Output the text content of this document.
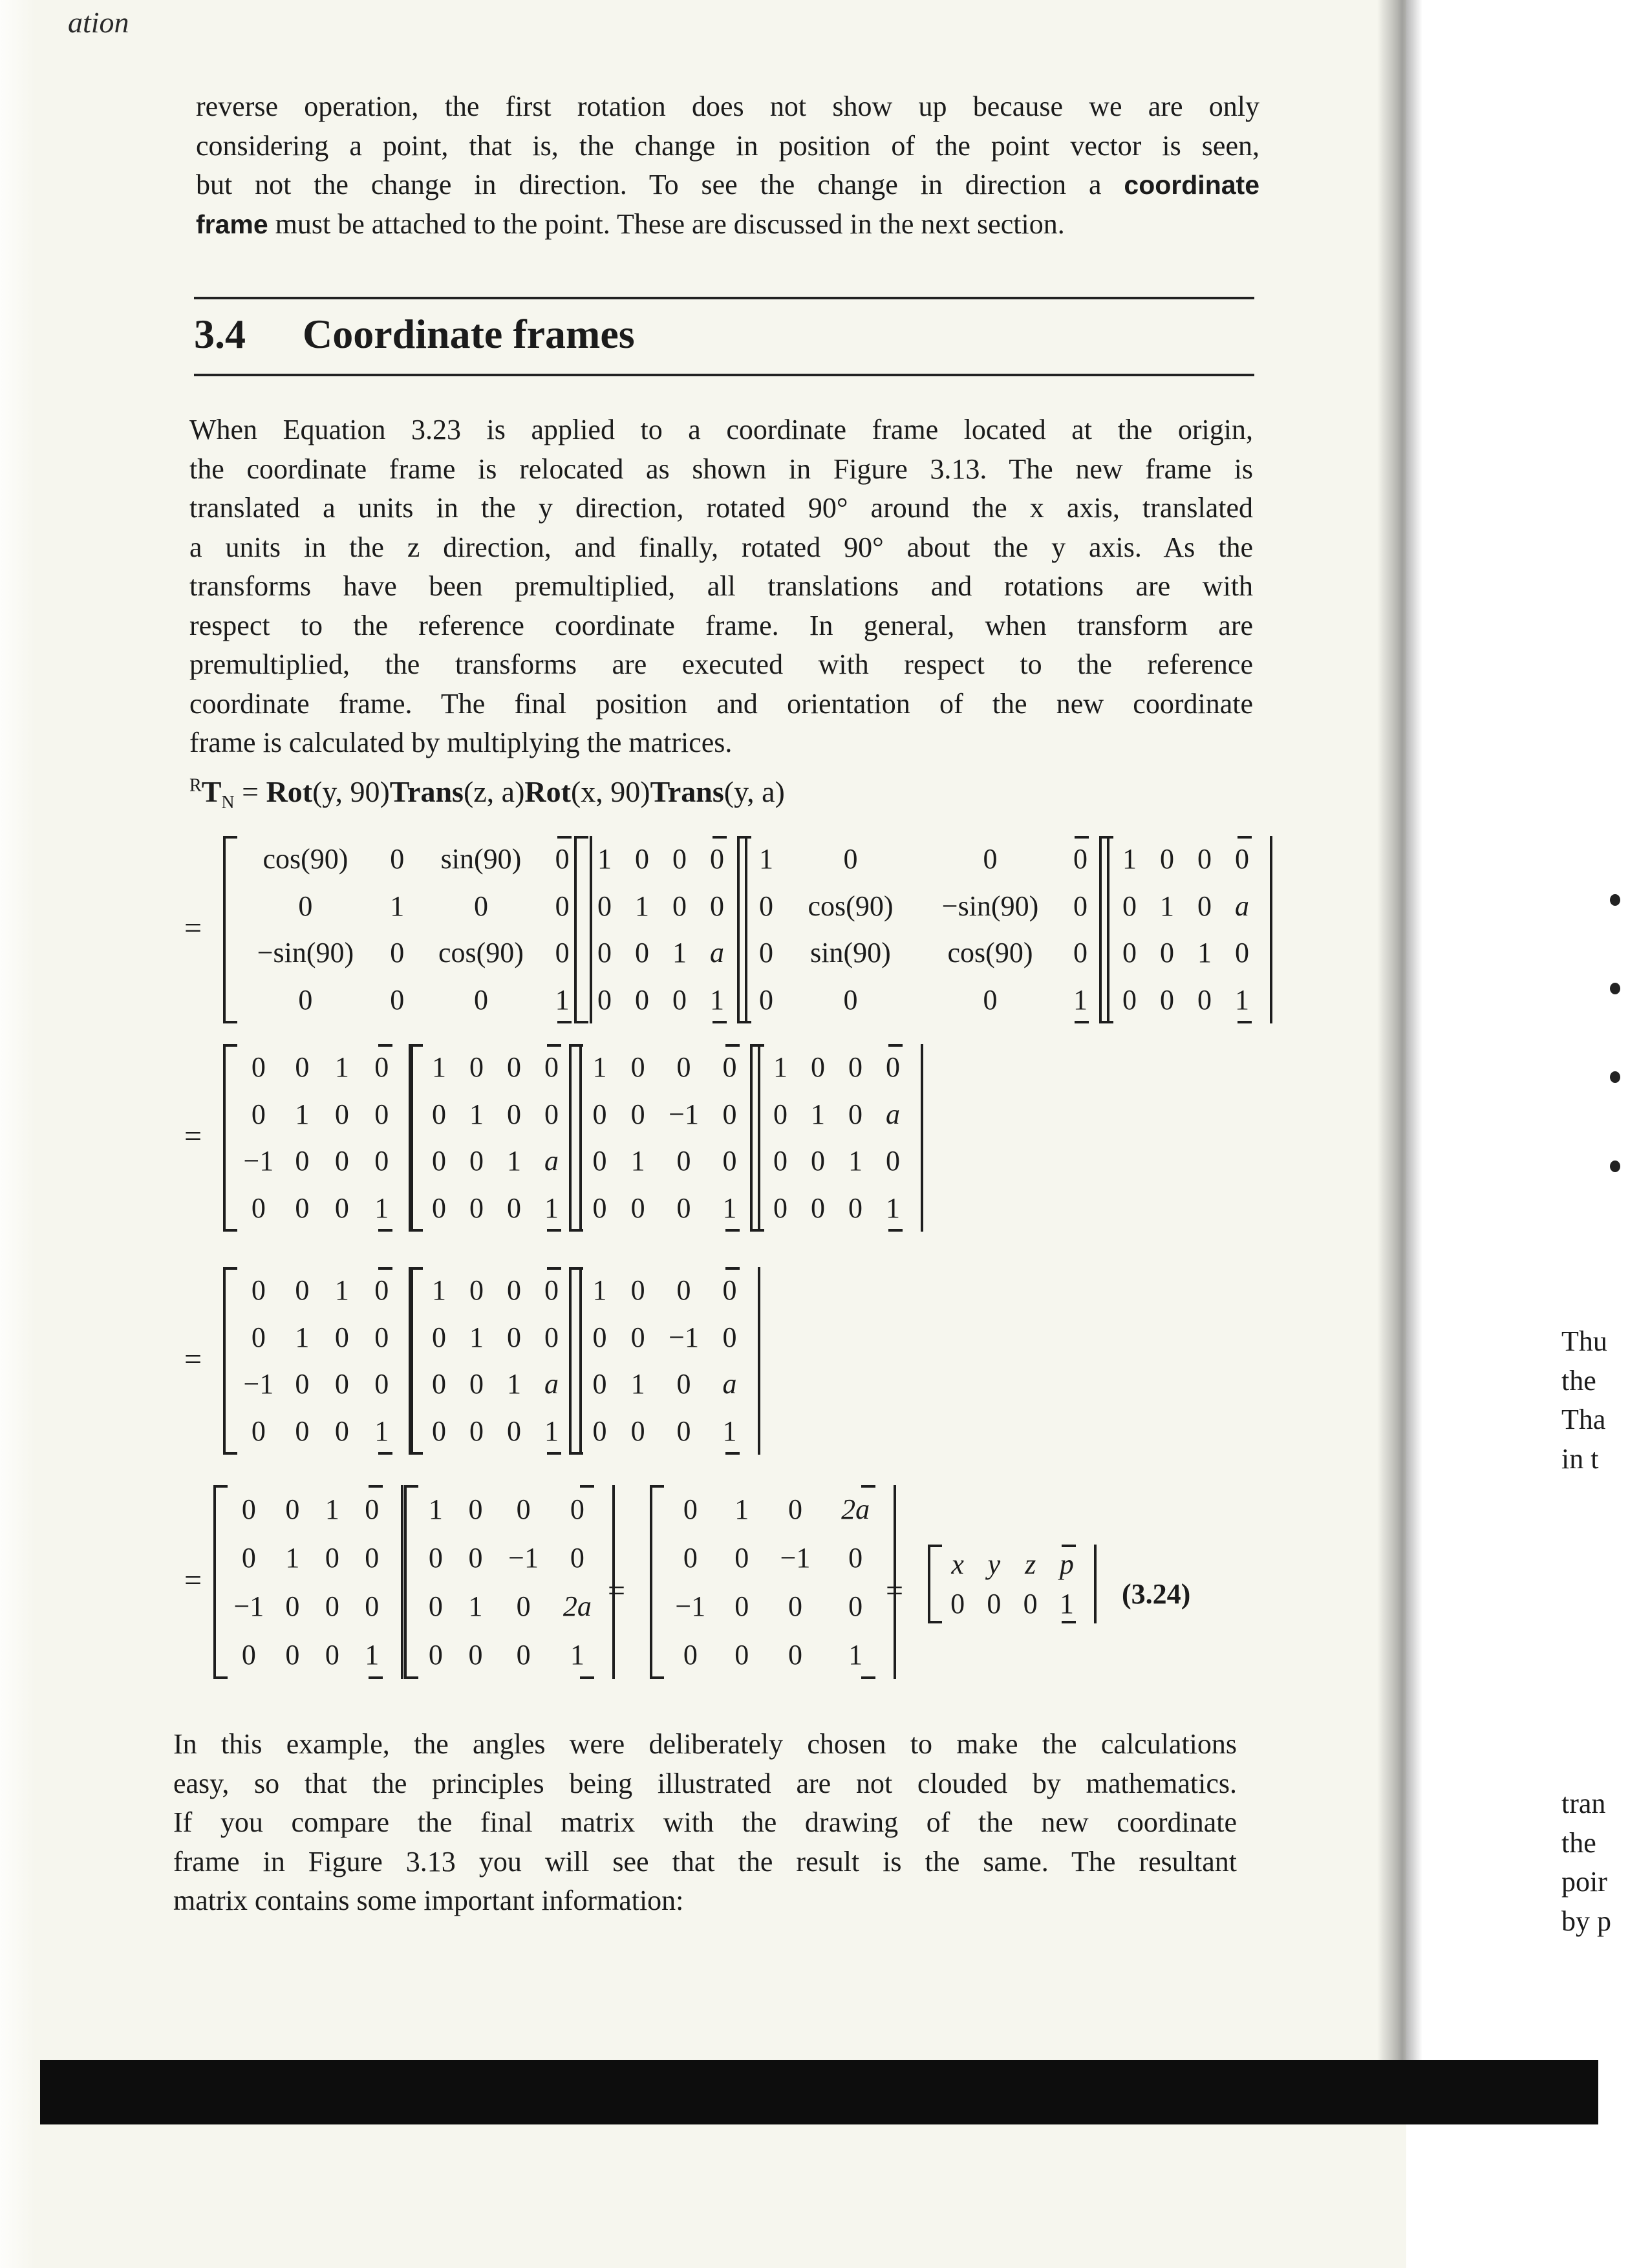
ation

reverse operation, the first rotation does not show up because we are only
considering a point, that is, the change in position of the point vector is seen,
but not the change in direction. To see the change in direction a coordinate

frame must be attached to the point. These are discussed in the next section.

3.4 Coordinate frames

When Equation 3.23 is applied to a coordinate frame located at the origin,
the coordinate frame is relocated as shown in Figure 3.13. The new frame is
translated a units in the y direction, rotated 90° around the x axis, translated
a units in the z direction, and finally, rotated 90° about the y axis. As the
transforms have been premultiplied, all translations and rotations are with
respect to the reference coordinate frame. In general, when transform are
premultiplied, the transforms are executed with respect to the reference
coordinate frame. The final position and orientation of the new coordinate

frame is calculated by multiplying the matrices.

$^RT_N = Rot(y$, 90)Trans(z, a)Rot(x, 90)Trans(y, a)
=
cos(90)	0	sin(90)	0
0	1	0	0
−sin(90)	0	cos(90)	0
0	0	0	1
1 0 0 0
0 1 0 0
0 0 1 a
0 0 0 1
1	0	0	0
0	cos(90)	−sin(90)	0
0	sin(90)	cos(90)	0
0	0	0	1
1 0 0 0
0 1 0 a
0 0 1 0
0 0 0 1
=
0	0 1 0
0	1 0 0
−1 0 0 0
0	0 0 1
1 0 0 0
0 1 0 0
0 0 1 a
0 0 0 1
1 0	0	0
0 0 −1 0
0 1	0	0
0 0	0	1
1 0 0 0
0 1 0 a
0 0 1 0
0 0 0 1
=
0	0 1 0
0	1 0 0
−1 0 0 0
0	0 0 1
1 0 0 0
0 1 0 0
0 0 1 a
0 0 0 1
1 0	0	0
0 0 −1 0
0 1	0	a
0 0	0	1
=
0	0 1 0
0	1 0 0
−1 0 0 0
0	0 0 1
1 0	0	0
0 0 −1	0
0 1	0	2a
0 0	0	1
0	1	0	2a
0	0	−1	0
−1	0	0	0
0	0	0	1
x y z p
0 0 0 1
=	=	(3.24)

In this example, the angles were deliberately chosen to make the calculations
easy, so that the principles being illustrated are not clouded by mathematics.
If you compare the final matrix with the drawing of the new coordinate
frame in Figure 3.13 you will see that the result is the same. The resultant

matrix contains some important information:

Thu
the
Tha
in t
tran
the
poir
by p
